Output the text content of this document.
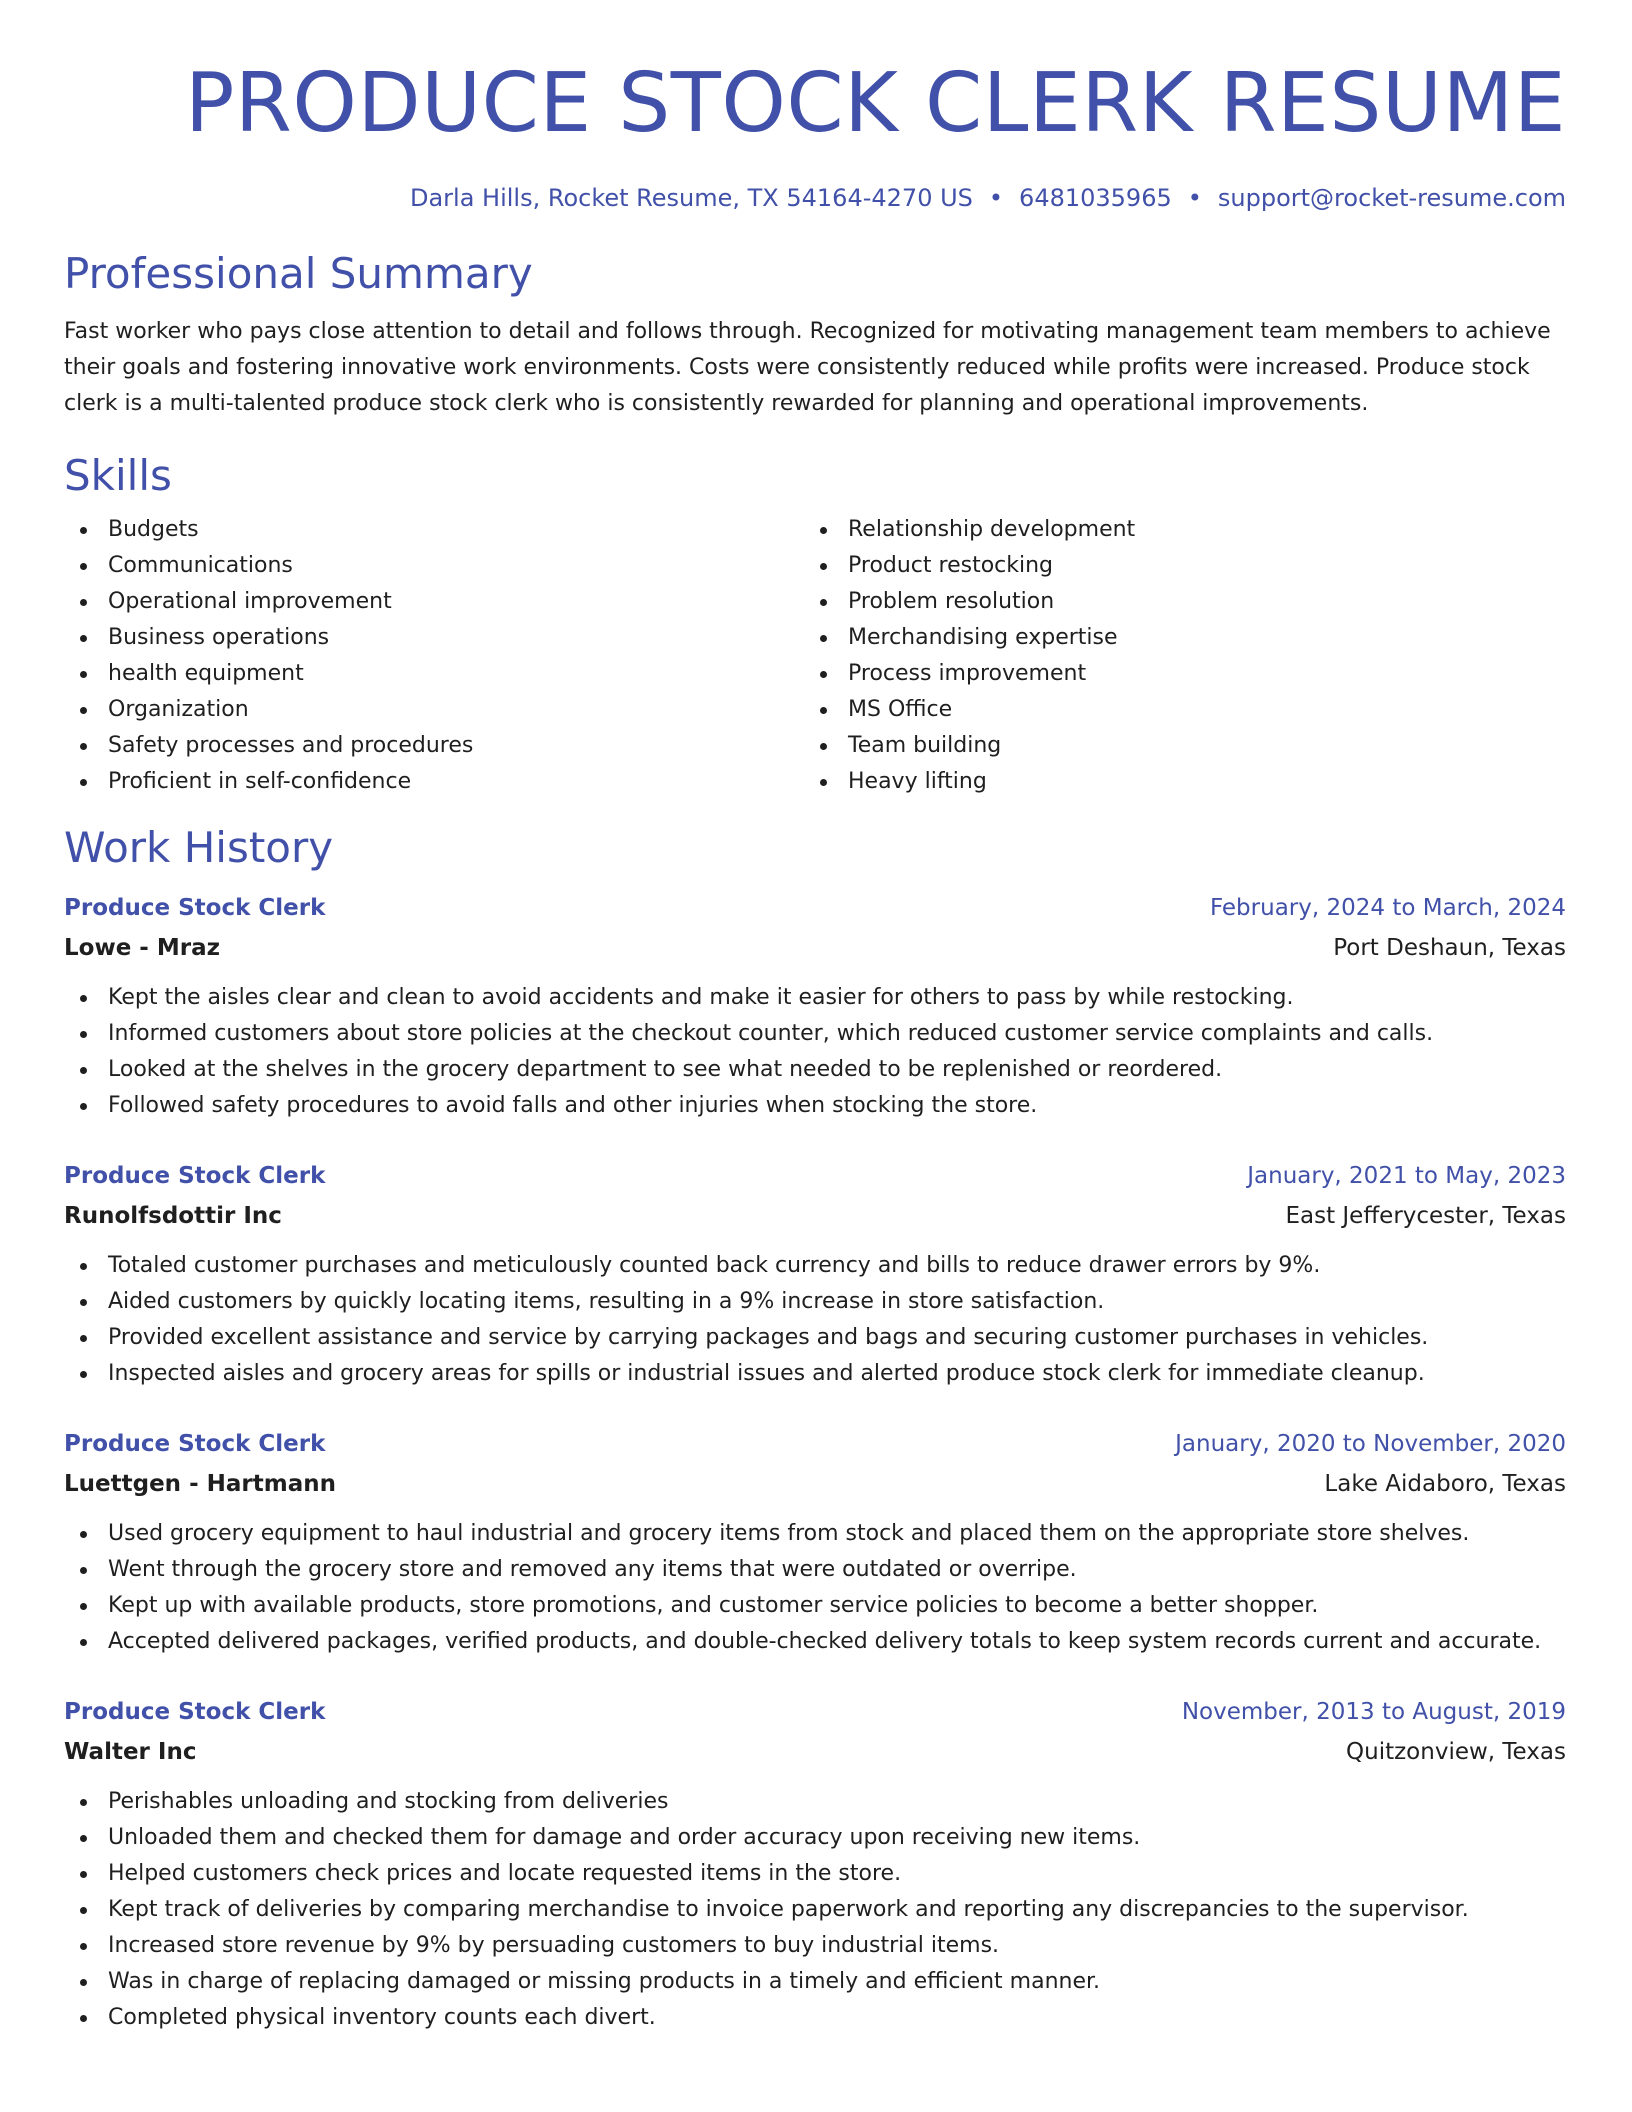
PRODUCE STOCK CLERK RESUME
Darla Hills, Rocket Resume, TX 54164-4270 US • 6481035965 • support@rocket-resume.com
Professional Summary

Fast worker who pays close attention to detail and follows through. Recognized for motivating management team members to achieve their goals and fostering innovative work environments. Costs were consistently reduced while profits were increased. Produce stock clerk is a multi-talented produce stock clerk who is consistently rewarded for planning and operational improvements.

Skills
Budgets
Communications
Operational improvement
Business operations
health equipment
Organization
Safety processes and procedures
Proficient in self-confidence
Relationship development
Product restocking
Problem resolution
Merchandising expertise
Process improvement
MS Office
Team building
Heavy lifting
Work History
Produce Stock Clerk	February, 2024 to March, 2024
Lowe - Mraz	Port Deshaun, Texas
Kept the aisles clear and clean to avoid accidents and make it easier for others to pass by while restocking.
Informed customers about store policies at the checkout counter, which reduced customer service complaints and calls.
Looked at the shelves in the grocery department to see what needed to be replenished or reordered.
Followed safety procedures to avoid falls and other injuries when stocking the store.
Produce Stock Clerk	January, 2021 to May, 2023
Runolfsdottir Inc	East Jefferycester, Texas
Totaled customer purchases and meticulously counted back currency and bills to reduce drawer errors by 9%.
Aided customers by quickly locating items, resulting in a 9% increase in store satisfaction.
Provided excellent assistance and service by carrying packages and bags and securing customer purchases in vehicles.
Inspected aisles and grocery areas for spills or industrial issues and alerted produce stock clerk for immediate cleanup.
Produce Stock Clerk	January, 2020 to November, 2020
Luettgen - Hartmann	Lake Aidaboro, Texas
Used grocery equipment to haul industrial and grocery items from stock and placed them on the appropriate store shelves.
Went through the grocery store and removed any items that were outdated or overripe.
Kept up with available products, store promotions, and customer service policies to become a better shopper.
Accepted delivered packages, verified products, and double-checked delivery totals to keep system records current and accurate.
Produce Stock Clerk	November, 2013 to August, 2019
Walter Inc	Quitzonview, Texas
Perishables unloading and stocking from deliveries
Unloaded them and checked them for damage and order accuracy upon receiving new items.
Helped customers check prices and locate requested items in the store.
Kept track of deliveries by comparing merchandise to invoice paperwork and reporting any discrepancies to the supervisor.
Increased store revenue by 9% by persuading customers to buy industrial items.
Was in charge of replacing damaged or missing products in a timely and efficient manner.
Completed physical inventory counts each divert.
